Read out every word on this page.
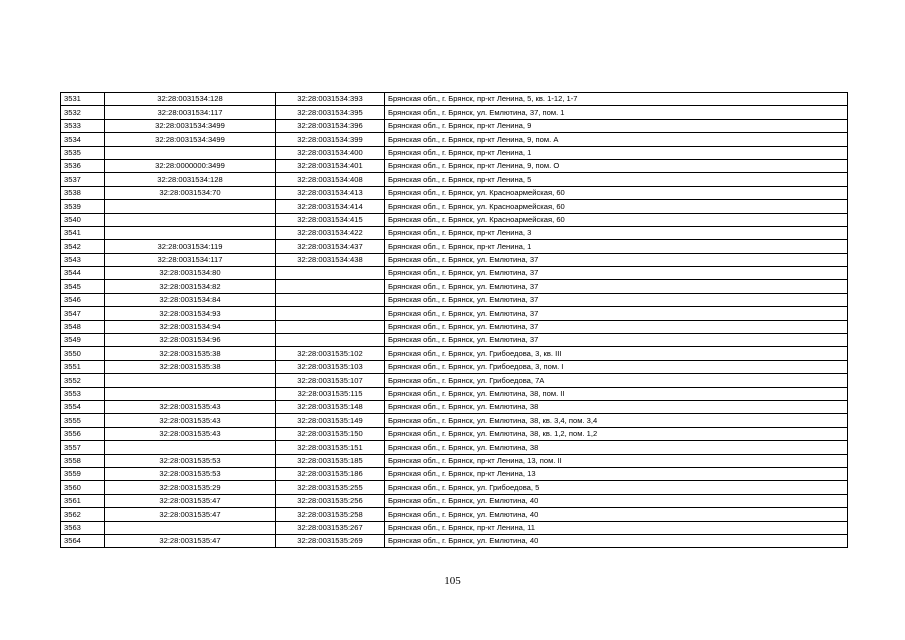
3531	32:28:0031534:128	32:28:0031534:393	Брянская обл., г. Брянск, пр-кт Ленина, 5, кв. 1-12, 1-7
3532	32:28:0031534:117	32:28:0031534:395	Брянская обл., г. Брянск, ул. Емлютина, 37, пом. 1
3533	32:28:0031534:3499	32:28:0031534:396	Брянская обл., г. Брянск, пр-кт Ленина, 9
3534	32:28:0031534:3499	32:28:0031534:399	Брянская обл., г. Брянск, пр-кт Ленина, 9, пом. А
3535		32:28:0031534:400	Брянская обл., г. Брянск, пр-кт Ленина, 1
3536	32:28:0000000:3499	32:28:0031534:401	Брянская обл., г. Брянск, пр-кт Ленина, 9, пом. О
3537	32:28:0031534:128	32:28:0031534:408	Брянская обл., г. Брянск, пр-кт Ленина, 5
3538	32:28:0031534:70	32:28:0031534:413	Брянская обл., г. Брянск, ул. Красноармейская, 60
3539		32:28:0031534:414	Брянская обл., г. Брянск, ул. Красноармейская, 60
3540		32:28:0031534:415	Брянская обл., г. Брянск, ул. Красноармейская, 60
3541		32:28:0031534:422	Брянская обл., г. Брянск, пр-кт Ленина, 3
3542	32:28:0031534:119	32:28:0031534:437	Брянская обл., г. Брянск, пр-кт Ленина, 1
3543	32:28:0031534:117	32:28:0031534:438	Брянская обл., г. Брянск, ул. Емлютина, 37
3544	32:28:0031534:80		Брянская обл., г. Брянск, ул. Емлютина, 37
3545	32:28:0031534:82		Брянская обл., г. Брянск, ул. Емлютина, 37
3546	32:28:0031534:84		Брянская обл., г. Брянск, ул. Емлютина, 37
3547	32:28:0031534:93		Брянская обл., г. Брянск, ул. Емлютина, 37
3548	32:28:0031534:94		Брянская обл., г. Брянск, ул. Емлютина, 37
3549	32:28:0031534:96		Брянская обл., г. Брянск, ул. Емлютина, 37
3550	32:28:0031535:38	32:28:0031535:102	Брянская обл., г. Брянск, ул. Грибоедова, 3, кв. III
3551	32:28:0031535:38	32:28:0031535:103	Брянская обл., г. Брянск, ул. Грибоедова, 3, пом. I
3552		32:28:0031535:107	Брянская обл., г. Брянск, ул. Грибоедова, 7А
3553		32:28:0031535:115	Брянская обл., г. Брянск, ул. Емлютина, 38, пом. II
3554	32:28:0031535:43	32:28:0031535:148	Брянская обл., г. Брянск, ул. Емлютина, 38
3555	32:28:0031535:43	32:28:0031535:149	Брянская обл., г. Брянск, ул. Емлютина, 38, кв. 3,4, пом. 3,4
3556	32:28:0031535:43	32:28:0031535:150	Брянская обл., г. Брянск, ул. Емлютина, 38, кв. 1,2, пом. 1,2
3557		32:28:0031535:151	Брянская обл., г. Брянск, ул. Емлютина, 38
3558	32:28:0031535:53	32:28:0031535:185	Брянская обл., г. Брянск, пр-кт Ленина, 13, пом. II
3559	32:28:0031535:53	32:28:0031535:186	Брянская обл., г. Брянск, пр-кт Ленина, 13
3560	32:28:0031535:29	32:28:0031535:255	Брянская обл., г. Брянск, ул. Грибоедова, 5
3561	32:28:0031535:47	32:28:0031535:256	Брянская обл., г. Брянск, ул. Емлютина, 40
3562	32:28:0031535:47	32:28:0031535:258	Брянская обл., г. Брянск, ул. Емлютина, 40
3563		32:28:0031535:267	Брянская обл., г. Брянск, пр-кт Ленина, 11
3564	32:28:0031535:47	32:28:0031535:269	Брянская обл., г. Брянск, ул. Емлютина, 40
105
